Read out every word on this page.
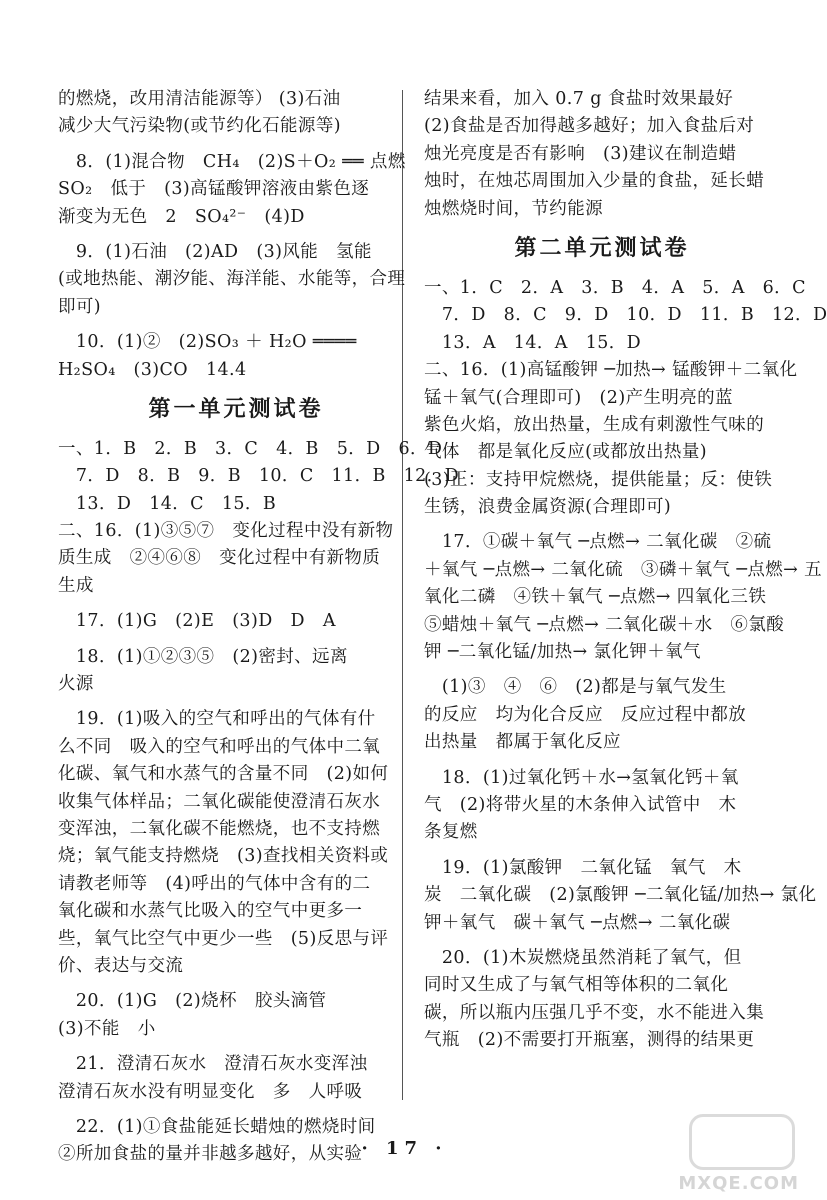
的燃烧，改用清洁能源等） (3)石油
减少大气污染物(或节约化石能源等)
　8．(1)混合物　CH₄　(2)S＋O₂ ══ 点燃
SO₂　低于　(3)高锰酸钾溶液由紫色逐
渐变为无色　2　SO₄²⁻　(4)D
　9．(1)石油　(2)AD　(3)风能　氢能
(或地热能、潮汐能、海洋能、水能等，合理
即可)
　10．(1)②　(2)SO₃ ＋ H₂O ════
H₂SO₄　(3)CO　14.4
第一单元测试卷
一、1．B　2．B　3．C　4．B　5．D　6．D
　7．D　8．B　9．B　10．C　11．B　12．D
　13．D　14．C　15．B
二、16．(1)③⑤⑦　变化过程中没有新物
质生成　②④⑥⑧　变化过程中有新物质
生成
　17．(1)G　(2)E　(3)D　D　A
　18．(1)①②③⑤　(2)密封、远离
火源
　19．(1)吸入的空气和呼出的气体有什
么不同　吸入的空气和呼出的气体中二氧
化碳、氧气和水蒸气的含量不同　(2)如何
收集气体样品；二氧化碳能使澄清石灰水
变浑浊，二氧化碳不能燃烧，也不支持燃
烧；氧气能支持燃烧　(3)查找相关资料或
请教老师等　(4)呼出的气体中含有的二
氧化碳和水蒸气比吸入的空气中更多一
些，氧气比空气中更少一些　(5)反思与评
价、表达与交流
　20．(1)G　(2)烧杯　胶头滴管
(3)不能　小
　21．澄清石灰水　澄清石灰水变浑浊
澄清石灰水没有明显变化　多　人呼吸
　22．(1)①食盐能延长蜡烛的燃烧时间
②所加食盐的量并非越多越好，从实验
结果来看，加入 0.7 g 食盐时效果最好
(2)食盐是否加得越多越好；加入食盐后对
烛光亮度是否有影响　(3)建议在制造蜡
烛时，在烛芯周围加入少量的食盐，延长蜡
烛燃烧时间，节约能源
第二单元测试卷
一、1．C　2．A　3．B　4．A　5．A　6．C
　7．D　8．C　9．D　10．D　11．B　12．D
　13．A　14．A　15．D
二、16．(1)高锰酸钾 ─加热→ 锰酸钾＋二氧化
锰＋氧气(合理即可)　(2)产生明亮的蓝
紫色火焰，放出热量，生成有刺激性气味的
气体　都是氧化反应(或都放出热量)
(3)正：支持甲烷燃烧，提供能量；反：使铁
生锈，浪费金属资源(合理即可)
　17．①碳＋氧气 ─点燃→ 二氧化碳　②硫
＋氧气 ─点燃→ 二氧化硫　③磷＋氧气 ─点燃→ 五
氧化二磷　④铁＋氧气 ─点燃→ 四氧化三铁
⑤蜡烛＋氧气 ─点燃→ 二氧化碳＋水　⑥氯酸
钾 ─二氧化锰/加热→ 氯化钾＋氧气
　(1)③　④　⑥　(2)都是与氧气发生
的反应　均为化合反应　反应过程中都放
出热量　都属于氧化反应
　18．(1)过氧化钙＋水→氢氧化钙＋氧
气　(2)将带火星的木条伸入试管中　木
条复燃
　19．(1)氯酸钾　二氧化锰　氧气　木
炭　二氧化碳　(2)氯酸钾 ─二氧化锰/加热→ 氯化
钾＋氧气　碳＋氧气 ─点燃→ 二氧化碳
　20．(1)木炭燃烧虽然消耗了氧气，但
同时又生成了与氧气相等体积的二氧化
碳，所以瓶内压强几乎不变，水不能进入集
气瓶　(2)不需要打开瓶塞，测得的结果更
· 17 ·
MXQE.COM
